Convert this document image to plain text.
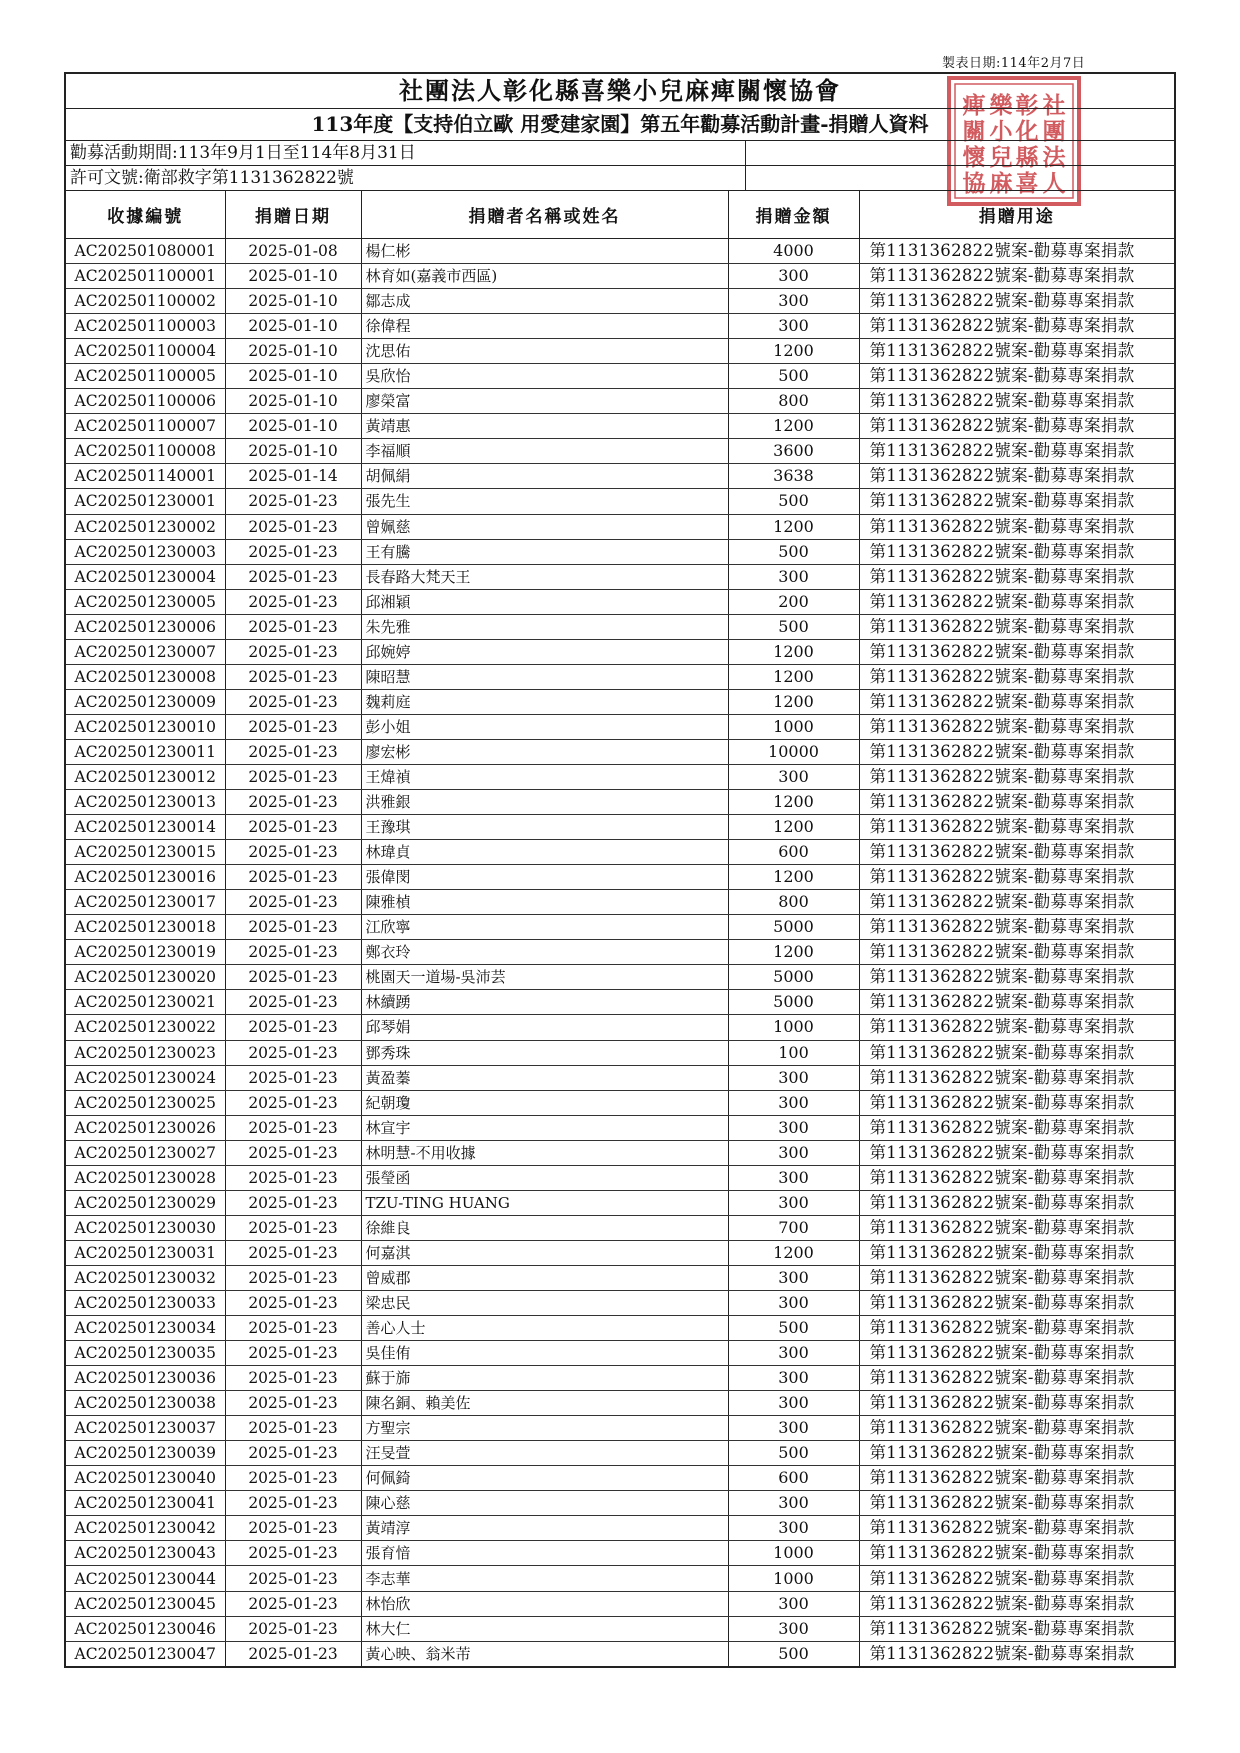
製表日期:114年2月7日
社
團
法
人
彰
化
縣
喜
樂
小
兒
麻
痺
關
懷
協
社團法人彰化縣喜樂小兒麻痺關懷協會
113年度【支持伯立歐 用愛建家園】第五年勸募活動計畫-捐贈人資料
勸募活動期間:113年9月1日至114年8月31日
許可文號:衛部救字第1131362822號
收據編號	捐贈日期	捐贈者名稱或姓名	捐贈金額	捐贈用途
AC202501080001	2025-01-08	楊仁彬	4000	第1131362822號案-勸募專案捐款
AC202501100001	2025-01-10	林育如(嘉義市西區)	300	第1131362822號案-勸募專案捐款
AC202501100002	2025-01-10	鄒志成	300	第1131362822號案-勸募專案捐款
AC202501100003	2025-01-10	徐偉程	300	第1131362822號案-勸募專案捐款
AC202501100004	2025-01-10	沈思佑	1200	第1131362822號案-勸募專案捐款
AC202501100005	2025-01-10	吳欣怡	500	第1131362822號案-勸募專案捐款
AC202501100006	2025-01-10	廖榮富	800	第1131362822號案-勸募專案捐款
AC202501100007	2025-01-10	黃靖惠	1200	第1131362822號案-勸募專案捐款
AC202501100008	2025-01-10	李福順	3600	第1131362822號案-勸募專案捐款
AC202501140001	2025-01-14	胡佩絹	3638	第1131362822號案-勸募專案捐款
AC202501230001	2025-01-23	張先生	500	第1131362822號案-勸募專案捐款
AC202501230002	2025-01-23	曾姵慈	1200	第1131362822號案-勸募專案捐款
AC202501230003	2025-01-23	王有騰	500	第1131362822號案-勸募專案捐款
AC202501230004	2025-01-23	長春路大梵天王	300	第1131362822號案-勸募專案捐款
AC202501230005	2025-01-23	邱湘穎	200	第1131362822號案-勸募專案捐款
AC202501230006	2025-01-23	朱先雅	500	第1131362822號案-勸募專案捐款
AC202501230007	2025-01-23	邱婉婷	1200	第1131362822號案-勸募專案捐款
AC202501230008	2025-01-23	陳昭慧	1200	第1131362822號案-勸募專案捐款
AC202501230009	2025-01-23	魏莉庭	1200	第1131362822號案-勸募專案捐款
AC202501230010	2025-01-23	彭小姐	1000	第1131362822號案-勸募專案捐款
AC202501230011	2025-01-23	廖宏彬	10000	第1131362822號案-勸募專案捐款
AC202501230012	2025-01-23	王煒禎	300	第1131362822號案-勸募專案捐款
AC202501230013	2025-01-23	洪雅銀	1200	第1131362822號案-勸募專案捐款
AC202501230014	2025-01-23	王豫琪	1200	第1131362822號案-勸募專案捐款
AC202501230015	2025-01-23	林瑋貞	600	第1131362822號案-勸募專案捐款
AC202501230016	2025-01-23	張偉閔	1200	第1131362822號案-勸募專案捐款
AC202501230017	2025-01-23	陳雅楨	800	第1131362822號案-勸募專案捐款
AC202501230018	2025-01-23	江欣寧	5000	第1131362822號案-勸募專案捐款
AC202501230019	2025-01-23	鄭衣玲	1200	第1131362822號案-勸募專案捐款
AC202501230020	2025-01-23	桃園天一道場-吳沛芸	5000	第1131362822號案-勸募專案捐款
AC202501230021	2025-01-23	林續踴	5000	第1131362822號案-勸募專案捐款
AC202501230022	2025-01-23	邱琴娟	1000	第1131362822號案-勸募專案捐款
AC202501230023	2025-01-23	鄧秀珠	100	第1131362822號案-勸募專案捐款
AC202501230024	2025-01-23	黃盈蓁	300	第1131362822號案-勸募專案捐款
AC202501230025	2025-01-23	紀朝瓊	300	第1131362822號案-勸募專案捐款
AC202501230026	2025-01-23	林宣宇	300	第1131362822號案-勸募專案捐款
AC202501230027	2025-01-23	林明慧-不用收據	300	第1131362822號案-勸募專案捐款
AC202501230028	2025-01-23	張瑩函	300	第1131362822號案-勸募專案捐款
AC202501230029	2025-01-23	TZU-TING HUANG	300	第1131362822號案-勸募專案捐款
AC202501230030	2025-01-23	徐維良	700	第1131362822號案-勸募專案捐款
AC202501230031	2025-01-23	何嘉淇	1200	第1131362822號案-勸募專案捐款
AC202501230032	2025-01-23	曾威郡	300	第1131362822號案-勸募專案捐款
AC202501230033	2025-01-23	梁忠民	300	第1131362822號案-勸募專案捐款
AC202501230034	2025-01-23	善心人士	500	第1131362822號案-勸募專案捐款
AC202501230035	2025-01-23	吳佳侑	300	第1131362822號案-勸募專案捐款
AC202501230036	2025-01-23	蘇于旆	300	第1131362822號案-勸募專案捐款
AC202501230038	2025-01-23	陳名銅、賴美佐	300	第1131362822號案-勸募專案捐款
AC202501230037	2025-01-23	方聖宗	300	第1131362822號案-勸募專案捐款
AC202501230039	2025-01-23	汪旻萱	500	第1131362822號案-勸募專案捐款
AC202501230040	2025-01-23	何佩錡	600	第1131362822號案-勸募專案捐款
AC202501230041	2025-01-23	陳心慈	300	第1131362822號案-勸募專案捐款
AC202501230042	2025-01-23	黃靖淳	300	第1131362822號案-勸募專案捐款
AC202501230043	2025-01-23	張育愔	1000	第1131362822號案-勸募專案捐款
AC202501230044	2025-01-23	李志華	1000	第1131362822號案-勸募專案捐款
AC202501230045	2025-01-23	林怡欣	300	第1131362822號案-勸募專案捐款
AC202501230046	2025-01-23	林大仁	300	第1131362822號案-勸募專案捐款
AC202501230047	2025-01-23	黃心映、翁米芾	500	第1131362822號案-勸募專案捐款
